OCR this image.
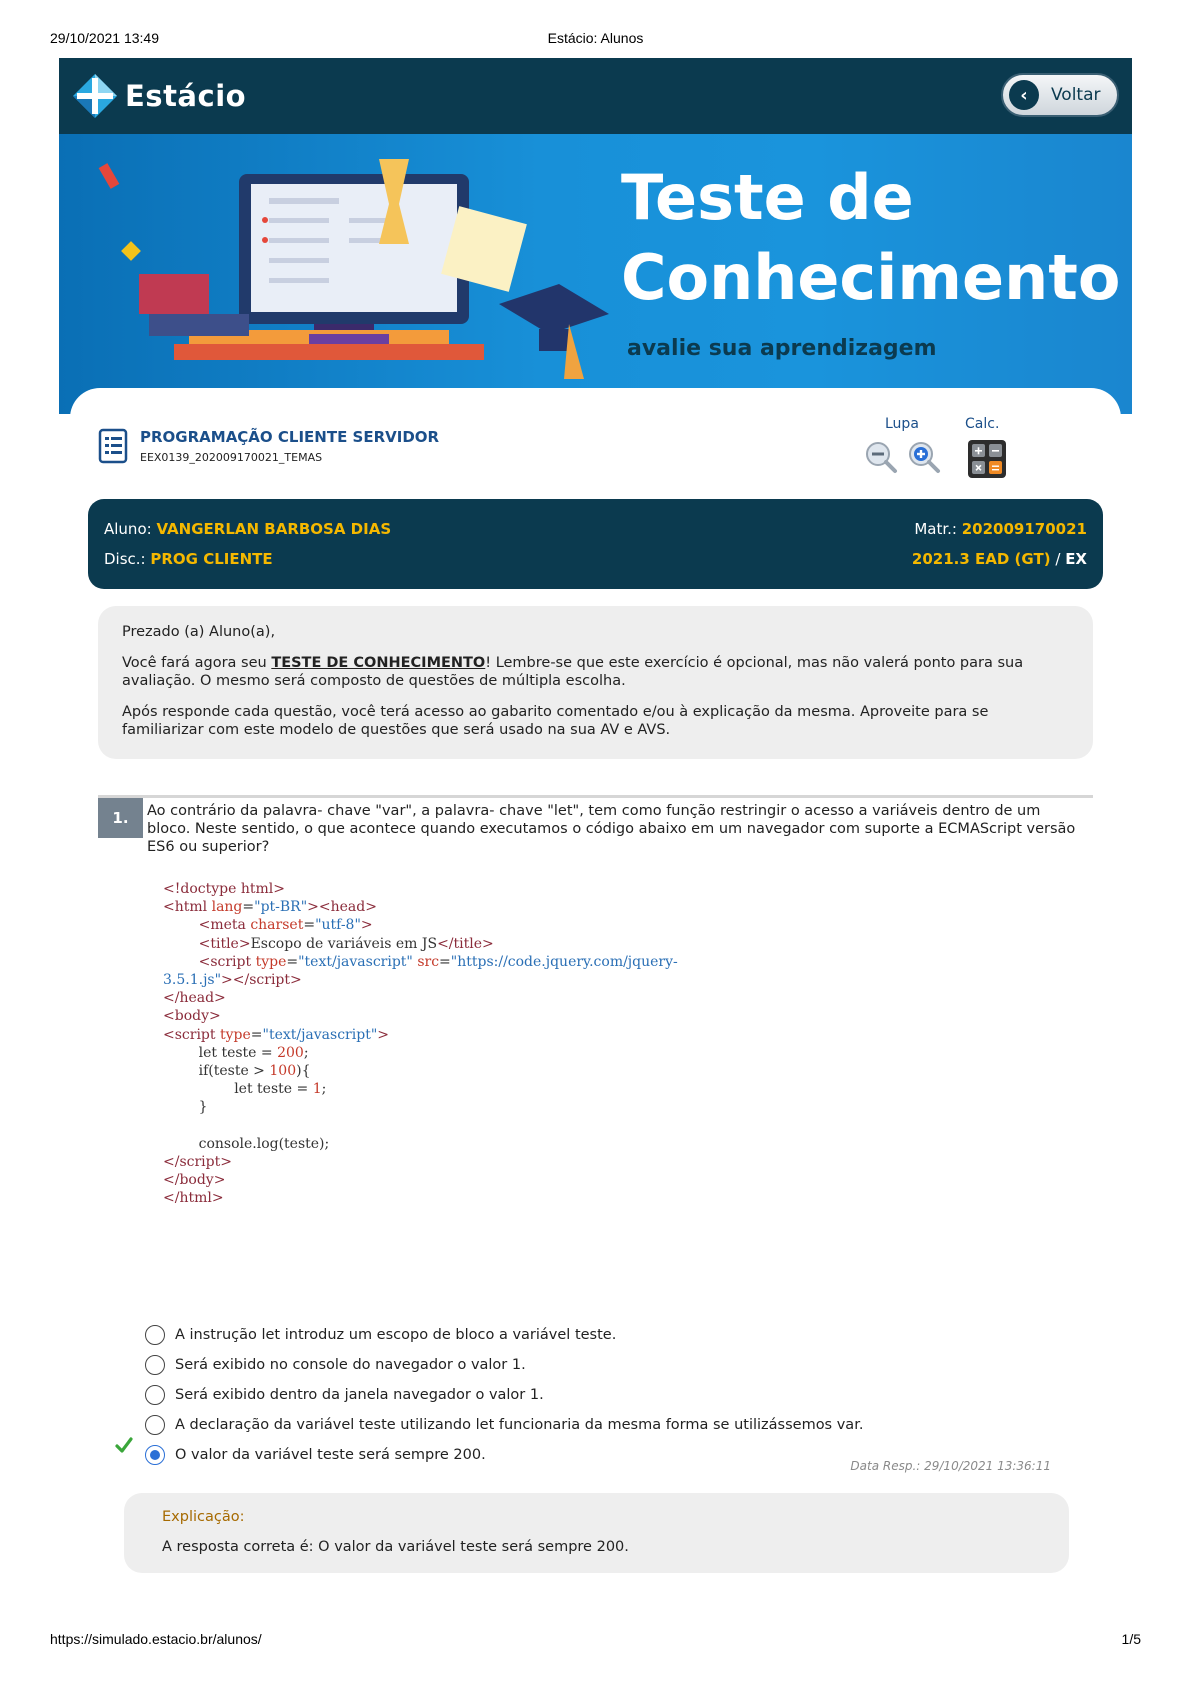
29/10/2021 13:49	Estácio: Alunos
Estácio	‹	Voltar
Teste de
Conhecimento
avalie sua aprendizagem
PROGRAMAÇÃO CLIENTE SERVIDOR
EEX0139_202009170021_TEMAS
Lupa	Calc.
Aluno: VANGERLAN BARBOSA DIAS
Disc.: PROG CLIENTE
Matr.: 202009170021
2021.3 EAD (GT) / EX

Prezado (a) Aluno(a),

Você fará agora seu TESTE DE CONHECIMENTO! Lembre-se que este exercício é opcional, mas não valerá ponto para sua avaliação. O mesmo será composto de questões de múltipla escolha.

Após responde cada questão, você terá acesso ao gabarito comentado e/ou à explicação da mesma. Aproveite para se familiarizar com este modelo de questões que será usado na sua AV e AVS.

1.	Ao contrário da palavra- chave "var", a palavra- chave "let", tem como função restringir o acesso a variáveis dentro de um bloco. Neste sentido, o que acontece quando executamos o código abaixo em um navegador com suporte a ECMAScript versão ES6 ou superior?
<!doctype html>
<html lang="pt-BR"><head>
<meta charset="utf-8">
<title>Escopo de variáveis em JS</title>
<script type="text/javascript" src="https://code.jquery.com/jquery-
3.5.1.js"></script>
</head>
<body>
<script type="text/javascript">
let teste = 200;
if(teste > 100){
let teste = 1;
}

console.log(teste);
</script>
</body>
</html>
A instrução let introduz um escopo de bloco a variável teste.
Será exibido no console do navegador o valor 1.
Será exibido dentro da janela navegador o valor 1.
A declaração da variável teste utilizando let funcionaria da mesma forma se utilizássemos var.
O valor da variável teste será sempre 200.
Data Resp.: 29/10/2021 13:36:11
Explicação:
A resposta correta é: O valor da variável teste será sempre 200.
https://simulado.estacio.br/alunos/	1/5
